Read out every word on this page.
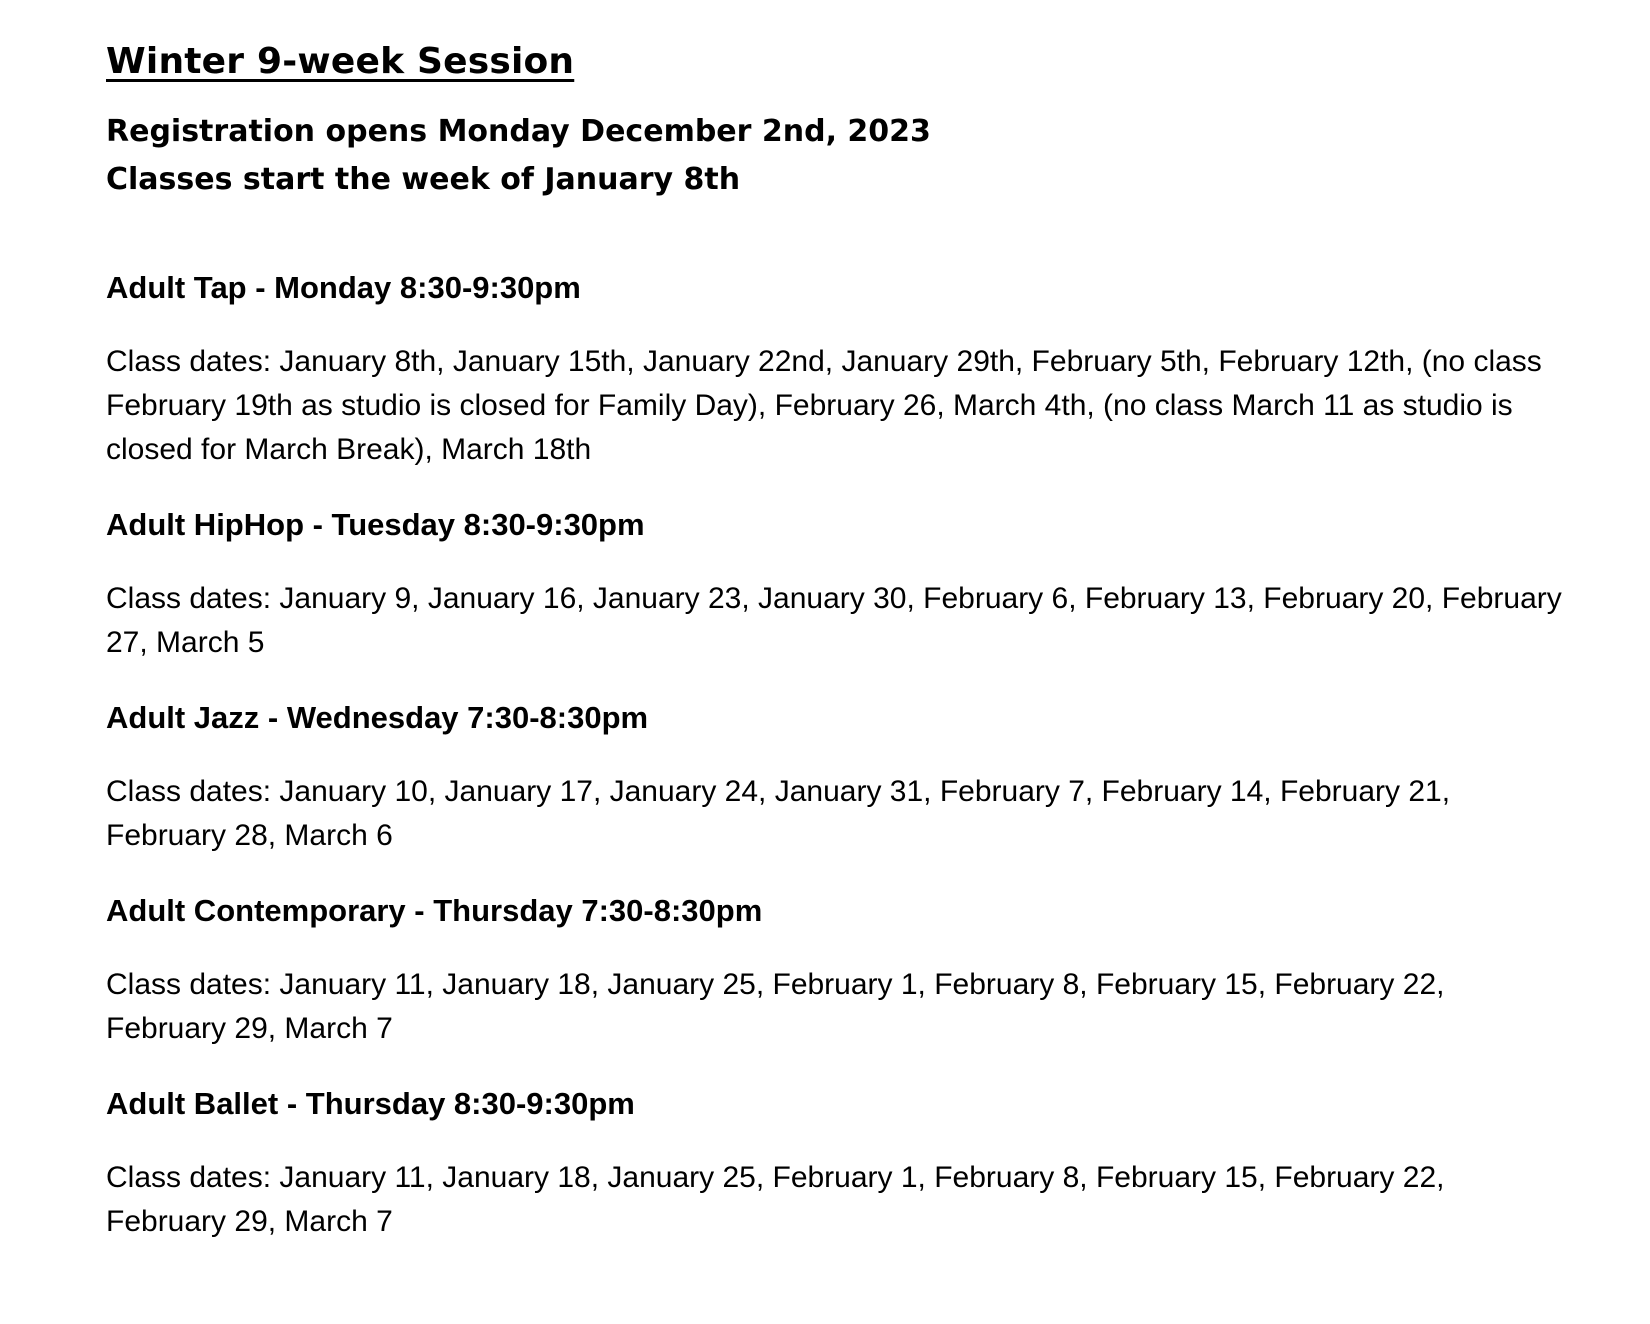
Winter 9-week Session
Registration opens Monday December 2nd, 2023
Classes start the week of January 8th

Adult Tap - Monday 8:30-9:30pm

Class dates: January 8th, January 15th, January 22nd, January 29th, February 5th, February 12th, (no class February 19th as studio is closed for Family Day), February 26, March 4th, (no class March 11 as studio is closed for March Break), March 18th

Adult HipHop - Tuesday 8:30-9:30pm

Class dates: January 9, January 16, January 23, January 30, February 6, February 13, February 20, February 27, March 5

Adult Jazz - Wednesday 7:30-8:30pm

Class dates: January 10, January 17, January 24, January 31, February 7, February 14, February 21, February 28, March 6

Adult Contemporary - Thursday 7:30-8:30pm

Class dates: January 11, January 18, January 25, February 1, February 8, February 15, February 22, February 29, March 7

Adult Ballet - Thursday 8:30-9:30pm

Class dates: January 11, January 18, January 25, February 1, February 8, February 15, February 22, February 29, March 7
